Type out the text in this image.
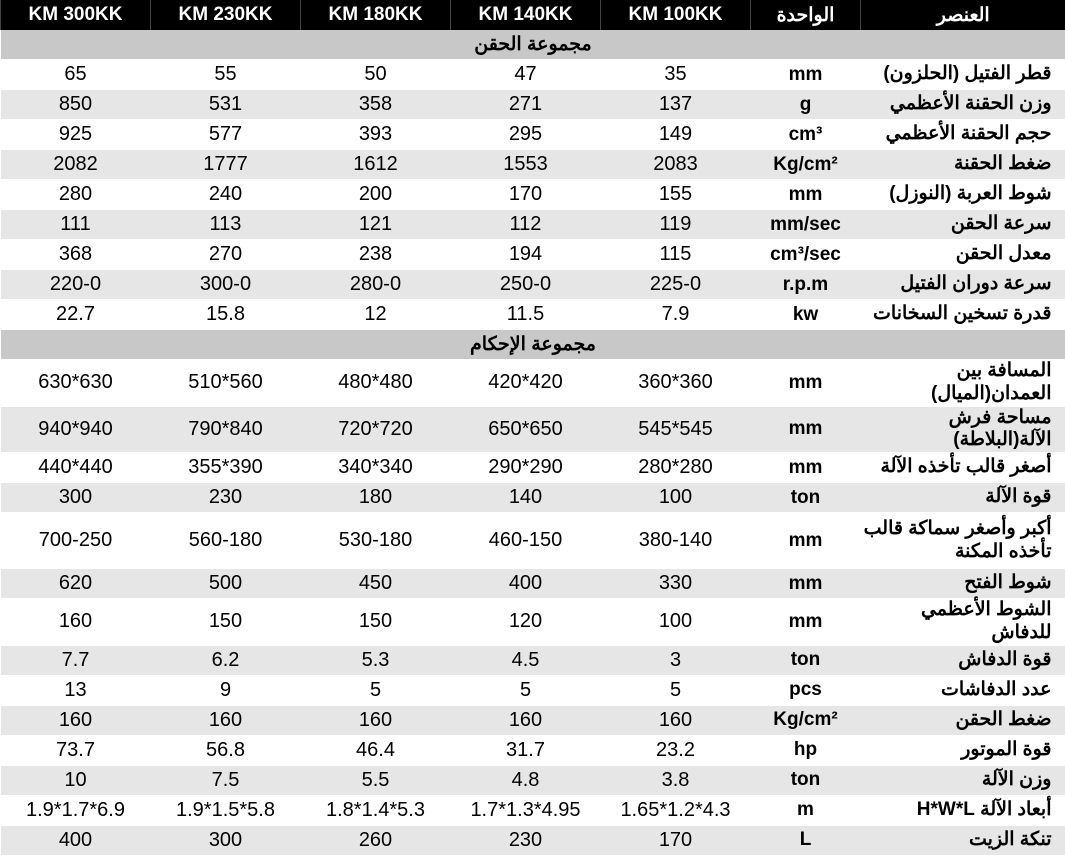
KM 300KK	KM 230KK	KM 180KK	KM 140KK	KM 100KK	الواحدة	العنصر
مجموعة الحقن						
65	55	50	47	35	mm	قطر الفتيل (الحلزون)
850	531	358	271	137	g	وزن الحقنة الأعظمي
925	577	393	295	149	cm³	حجم الحقنة الأعظمي
2082	1777	1612	1553	2083	Kg/cm²	ضغط الحقنة
280	240	200	170	155	mm	شوط العربة (النوزل)
111	113	121	112	119	mm/sec	سرعة الحقن
368	270	238	194	115	cm³/sec	معدل الحقن
220-0	300-0	280-0	250-0	225-0	r.p.m	سرعة دوران الفتيل
22.7	15.8	12	11.5	7.9	kw	قدرة تسخين السخانات
مجموعة الإحكام						
630*630	510*560	480*480	420*420	360*360	mm	المسافة بين العمدان(الميال)
940*940	790*840	720*720	650*650	545*545	mm	مساحة فرش الآلة(البلاطة)
440*440	355*390	340*340	290*290	280*280	mm	أصغر قالب تأخذه الآلة
300	230	180	140	100	ton	قوة الآلة
700-250	560-180	530-180	460-150	380-140	mm	أكبر وأصغر سماكة قالب تأخذه المكنة
620	500	450	400	330	mm	شوط الفتح
160	150	150	120	100	mm	الشوط الأعظمي للدفاش
7.7	6.2	5.3	4.5	3	ton	قوة الدفاش
13	9	5	5	5	pcs	عدد الدفاشات
160	160	160	160	160	Kg/cm²	ضغط الحقن
73.7	56.8	46.4	31.7	23.2	hp	قوة الموتور
10	7.5	5.5	4.8	3.8	ton	وزن الآلة
1.9*1.7*6.9	1.9*1.5*5.8	1.8*1.4*5.3	1.7*1.3*4.95	1.65*1.2*4.3	m	أبعاد الآلة H*W*L
400	300	260	230	170	L	تنكة الزيت
